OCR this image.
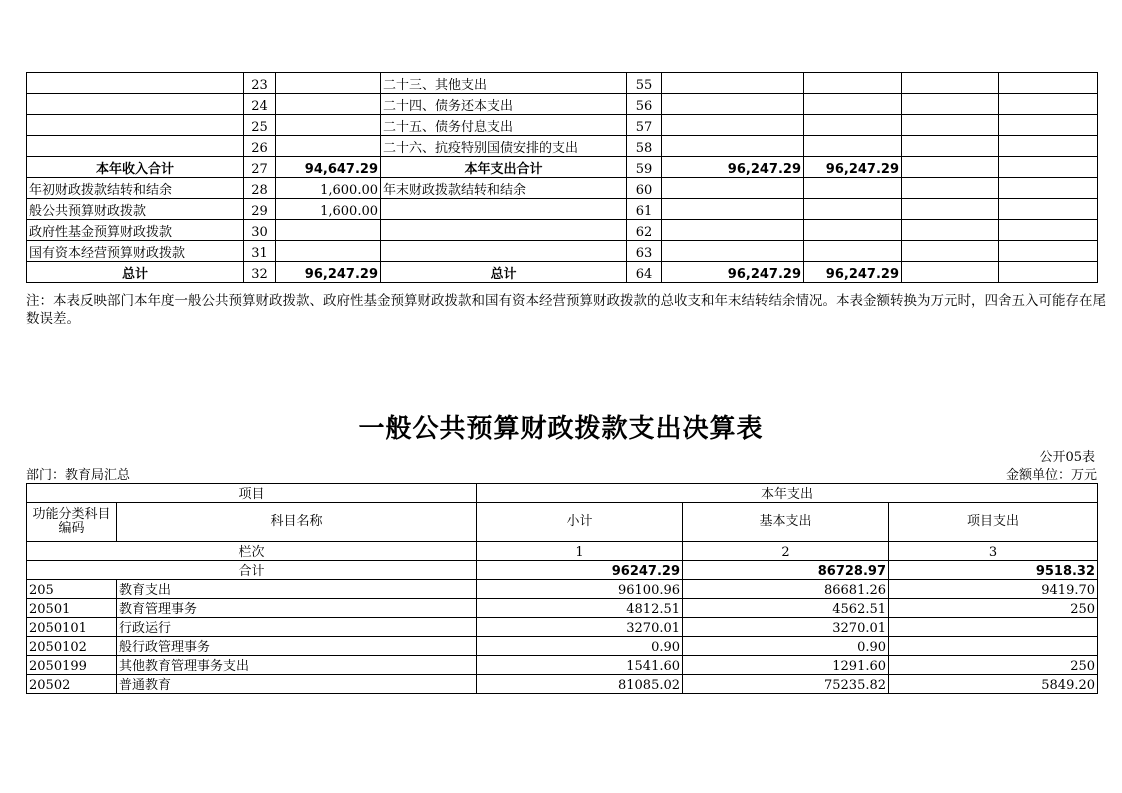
	23		二十三、其他支出	55				
	24		二十四、债务还本支出	56				
	25		二十五、债务付息支出	57				
	26		二十六、抗疫特别国债安排的支出	58				
本年收入合计	27	94,647.29	本年支出合计	59	96,247.29	96,247.29		
年初财政拨款结转和结余	28	1,600.00	年末财政拨款结转和结余	60				
般公共预算财政拨款	29	1,600.00		61				
政府性基金预算财政拨款	30			62				
国有资本经营预算财政拨款	31			63				
总计	32	96,247.29	总计	64	96,247.29	96,247.29		
注：本表反映部门本年度一般公共预算财政拨款、政府性基金预算财政拨款和国有资本经营预算财政拨款的总收支和年末结转结余情况。本表金额转换为万元时，四舍五入可能存在尾数误差。
一般公共预算财政拨款支出决算表
公开05表
部门：教育局汇总	金额单位：万元
项目		本年支出		
功能分类科目编码	科目名称	小计	基本支出	项目支出
栏次		1	2	3
合计		96247.29	86728.97	9518.32
205	教育支出	96100.96	86681.26	9419.70
20501	教育管理事务	4812.51	4562.51	250
2050101	行政运行	3270.01	3270.01	
2050102	般行政管理事务	0.90	0.90	
2050199	其他教育管理事务支出	1541.60	1291.60	250
20502	普通教育	81085.02	75235.82	5849.20
